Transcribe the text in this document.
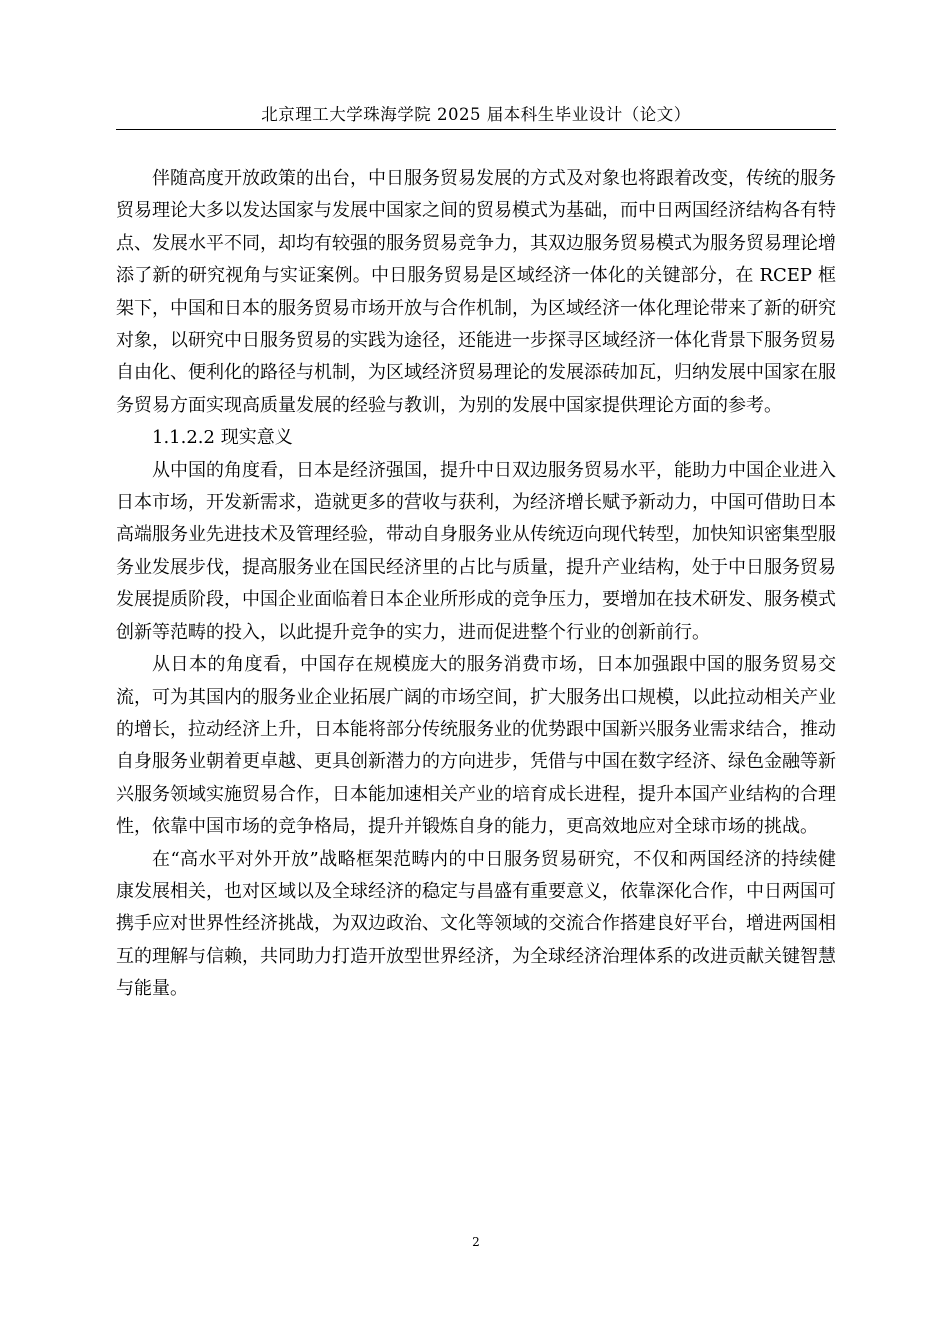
北京理工大学珠海学院 2025 届本科生毕业设计（论文）

伴随高度开放政策的出台，中日服务贸易发展的方式及对象也将跟着改变，传统的服务贸易理论大多以发达国家与发展中国家之间的贸易模式为基础，而中日两国经济结构各有特点、发展水平不同，却均有较强的服务贸易竞争力，其双边服务贸易模式为服务贸易理论增添了新的研究视角与实证案例。中日服务贸易是区域经济一体化的关键部分，在 RCEP 框架下，中国和日本的服务贸易市场开放与合作机制，为区域经济一体化理论带来了新的研究对象，以研究中日服务贸易的实践为途径，还能进一步探寻区域经济一体化背景下服务贸易自由化、便利化的路径与机制，为区域经济贸易理论的发展添砖加瓦，归纳发展中国家在服务贸易方面实现高质量发展的经验与教训，为别的发展中国家提供理论方面的参考。

1.1.2.2 现实意义

从中国的角度看，日本是经济强国，提升中日双边服务贸易水平，能助力中国企业进入日本市场，开发新需求，造就更多的营收与获利，为经济增长赋予新动力，中国可借助日本高端服务业先进技术及管理经验，带动自身服务业从传统迈向现代转型，加快知识密集型服务业发展步伐，提高服务业在国民经济里的占比与质量，提升产业结构，处于中日服务贸易发展提质阶段，中国企业面临着日本企业所形成的竞争压力，要增加在技术研发、服务模式创新等范畴的投入，以此提升竞争的实力，进而促进整个行业的创新前行。

从日本的角度看，中国存在规模庞大的服务消费市场，日本加强跟中国的服务贸易交流，可为其国内的服务业企业拓展广阔的市场空间，扩大服务出口规模，以此拉动相关产业的增长，拉动经济上升，日本能将部分传统服务业的优势跟中国新兴服务业需求结合，推动自身服务业朝着更卓越、更具创新潜力的方向进步，凭借与中国在数字经济、绿色金融等新兴服务领域实施贸易合作，日本能加速相关产业的培育成长进程，提升本国产业结构的合理性，依靠中国市场的竞争格局，提升并锻炼自身的能力，更高效地应对全球市场的挑战。

在“高水平对外开放”战略框架范畴内的中日服务贸易研究，不仅和两国经济的持续健康发展相关，也对区域以及全球经济的稳定与昌盛有重要意义，依靠深化合作，中日两国可携手应对世界性经济挑战，为双边政治、文化等领域的交流合作搭建良好平台，增进两国相互的理解与信赖，共同助力打造开放型世界经济，为全球经济治理体系的改进贡献关键智慧与能量。

2
